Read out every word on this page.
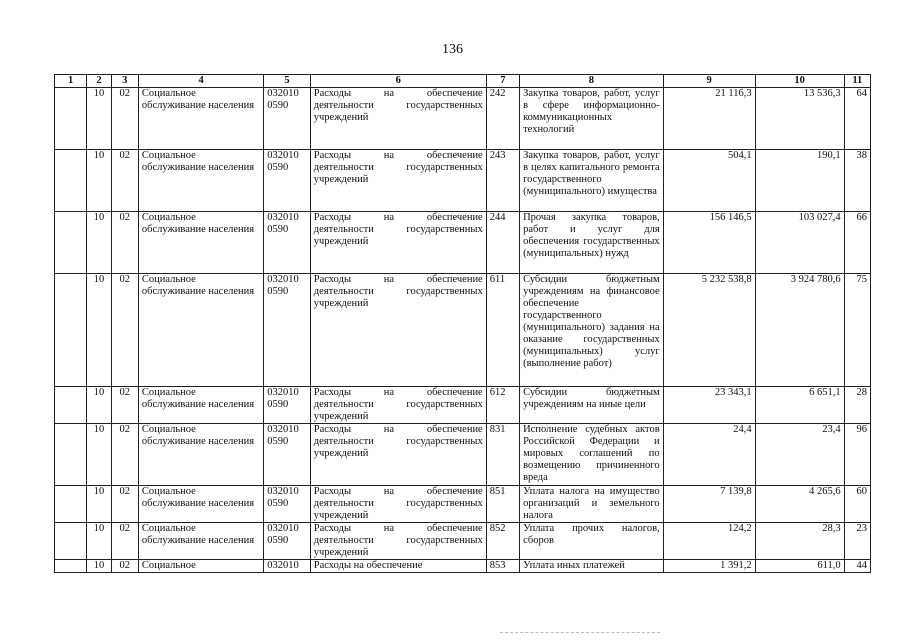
136
1	2	3	4	5	6	7	8	9	10	11
	10	02	Социальное обслуживание населения	032010 0590	Расходы на обеспечение деятельности государственных учреждений	242	Закупка товаров, работ, услуг в сфере информационно-коммуникационных технологий	21 116,3	13 536,3	64
	10	02	Социальное обслуживание населения	032010 0590	Расходы на обеспечение деятельности государственных учреждений	243	Закупка товаров, работ, услуг в целях капитального ремонта государственного (муниципального) имущества	504,1	190,1	38
	10	02	Социальное обслуживание населения	032010 0590	Расходы на обеспечение деятельности государственных учреждений	244	Прочая закупка товаров, работ и услуг для обеспечения государственных (муниципальных) нужд	156 146,5	103 027,4	66
	10	02	Социальное обслуживание населения	032010 0590	Расходы на обеспечение деятельности государственных учреждений	611	Субсидии бюджетным учреждениям на финансовое обеспечение государственного (муниципального) задания на оказание государственных (муниципальных) услуг (выполнение работ)	5 232 538,8	3 924 780,6	75
	10	02	Социальное обслуживание населения	032010 0590	Расходы на обеспечение деятельности государственных учреждений	612	Субсидии бюджетным учреждениям на иные цели	23 343,1	6 651,1	28
	10	02	Социальное обслуживание населения	032010 0590	Расходы на обеспечение деятельности государственных учреждений	831	Исполнение судебных актов Российской Федерации и мировых соглашений по возмещению причиненного вреда	24,4	23,4	96
	10	02	Социальное обслуживание населения	032010 0590	Расходы на обеспечение деятельности государственных учреждений	851	Уплата налога на имущество организаций и земельного налога	7 139,8	4 265,6	60
	10	02	Социальное обслуживание населения	032010 0590	Расходы на обеспечение деятельности государственных учреждений	852	Уплата прочих налогов, сборов	124,2	28,3	23
	10	02	Социальное	032010	Расходы на обеспечение	853	Уплата иных платежей	1 391,2	611,0	44
